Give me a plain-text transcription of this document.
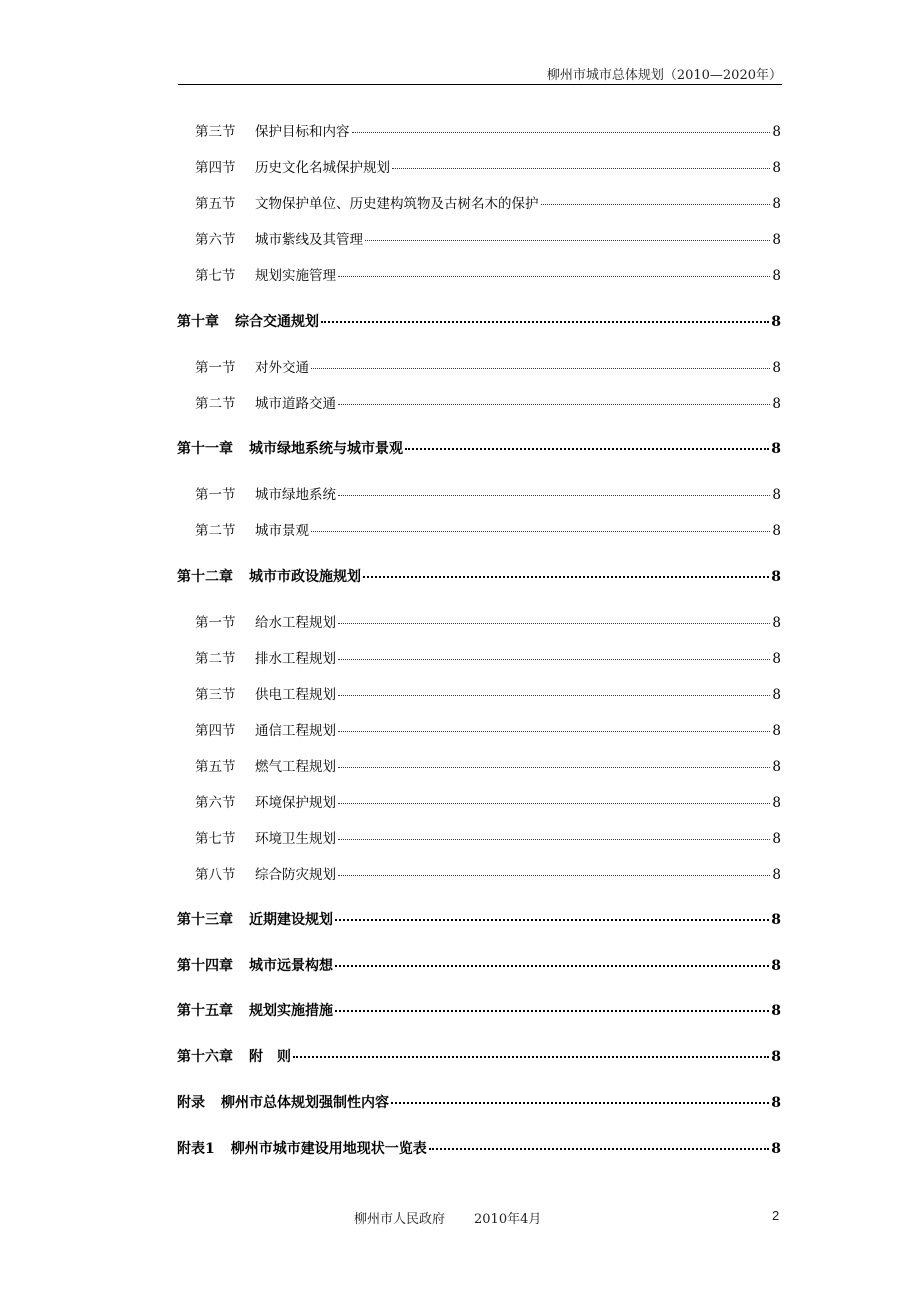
柳州市城市总体规划（2010—2020年）
第三节	保护目标和内容	8
第四节	历史文化名城保护规划	8
第五节	文物保护单位、历史建构筑物及古树名木的保护	8
第六节	城市紫线及其管理	8
第七节	规划实施管理	8
第十章 综合交通规划	8
第一节	对外交通	8
第二节	城市道路交通	8
第十一章 城市绿地系统与城市景观	8
第一节	城市绿地系统	8
第二节	城市景观	8
第十二章 城市市政设施规划	8
第一节	给水工程规划	8
第二节	排水工程规划	8
第三节	供电工程规划	8
第四节	通信工程规划	8
第五节	燃气工程规划	8
第六节	环境保护规划	8
第七节	环境卫生规划	8
第八节	综合防灾规划	8
第十三章 近期建设规划	8
第十四章 城市远景构想	8
第十五章 规划实施措施	8
第十六章 附　则	8
附录 柳州市总体规划强制性内容	8
附表1 柳州市城市建设用地现状一览表	8
柳州市人民政府 2010年4月	2
